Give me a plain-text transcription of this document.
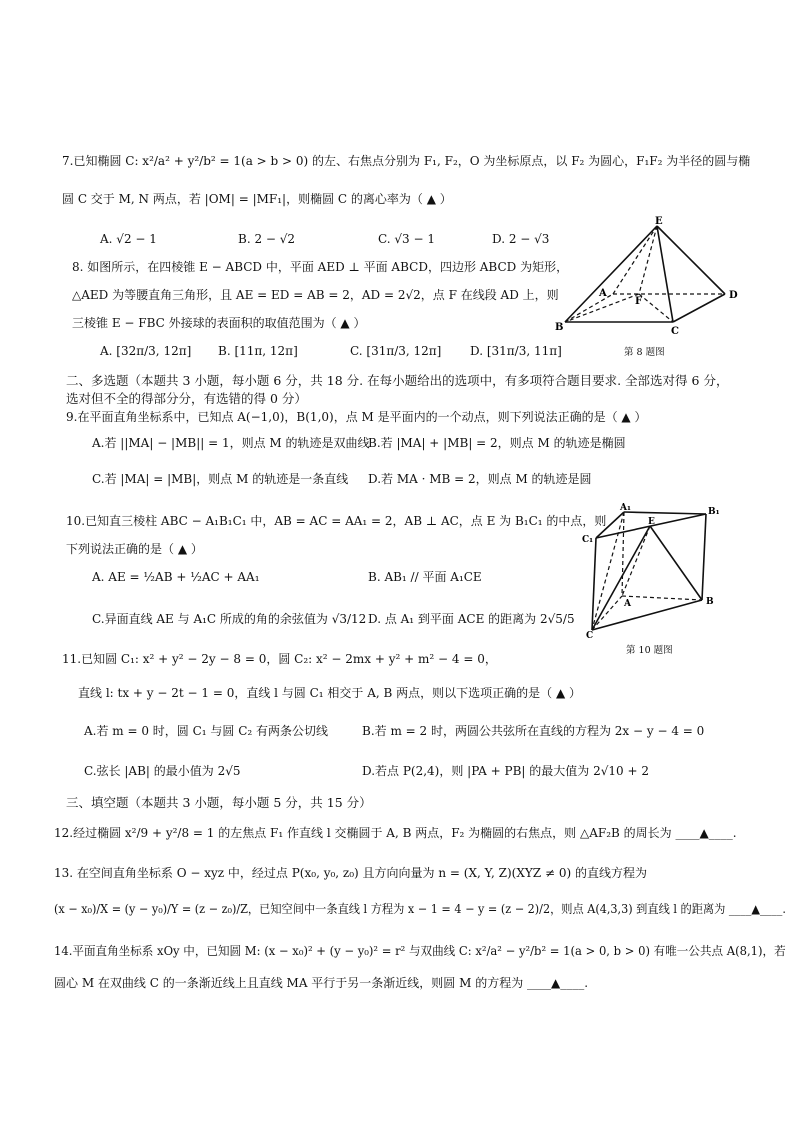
7.已知椭圆 C: x²/a² + y²/b² = 1(a > b > 0) 的左、右焦点分别为 F₁, F₂，O 为坐标原点，以 F₂ 为圆心，F₁F₂ 为半径的圆与椭
圆 C 交于 M, N 两点，若 |OM| = |MF₁|，则椭圆 C 的离心率为（ ▲ ）
A. √2 − 1	B. 2 − √2	C. √3 − 1	D. 2 − √3
8. 如图所示，在四棱锥 E − ABCD 中，平面 AED ⊥ 平面 ABCD，四边形 ABCD 为矩形，
△AED 为等腰直角三角形，且 AE = ED = AB = 2，AD = 2√2，点 F 在线段 AD 上，则
三棱锥 E − FBC 外接球的表面积的取值范围为（ ▲ ）
A. [32π/3, 12π] B. [11π, 12π]	C. [31π/3, 12π] D. [31π/3, 11π]
E
A
F
D
B	C
第 8 题图
二、多选题（本题共 3 小题，每小题 6 分，共 18 分. 在每小题给出的选项中，有多项符合题目要求. 全部选对得 6 分，
选对但不全的得部分分，有选错的得 0 分）
9.在平面直角坐标系中，已知点 A(−1,0)，B(1,0)，点 M 是平面内的一个动点，则下列说法正确的是（ ▲ ）
A.若 ||MA| − |MB|| = 1，则点 M 的轨迹是双曲线
B.若 |MA| + |MB| = 2，则点 M 的轨迹是椭圆
C.若 |MA| = |MB|，则点 M 的轨迹是一条直线 D.若 MA · MB = 2，则点 M 的轨迹是圆
10.已知直三棱柱 ABC − A₁B₁C₁ 中，AB = AC = AA₁ = 2，AB ⊥ AC，点 E 为 B₁C₁ 的中点，则
下列说法正确的是（ ▲ ）
A. AE = ½AB + ½AC + AA₁	B. AB₁ // 平面 A₁CE
C.异面直线 AE 与 A₁C 所成的角的余弦值为 √3/12 D. 点 A₁ 到平面 ACE 的距离为 2√5/5
A₁
E
B₁
C₁
A	B
C
第 10 题图
11.已知圆 C₁: x² + y² − 2y − 8 = 0，圆 C₂: x² − 2mx + y² + m² − 4 = 0，
直线 l: tx + y − 2t − 1 = 0，直线 l 与圆 C₁ 相交于 A, B 两点，则以下选项正确的是（ ▲ ）
A.若 m = 0 时，圆 C₁ 与圆 C₂ 有两条公切线	B.若 m = 2 时，两圆公共弦所在直线的方程为 2x − y − 4 = 0
C.弦长 |AB| 的最小值为 2√5	D.若点 P(2,4)，则 |PA + PB| 的最大值为 2√10 + 2
三、填空题（本题共 3 小题，每小题 5 分，共 15 分）
12.经过椭圆 x²/9 + y²/8 = 1 的左焦点 F₁ 作直线 l 交椭圆于 A, B 两点，F₂ 为椭圆的右焦点，则 △AF₂B 的周长为 ____▲____.
13. 在空间直角坐标系 O − xyz 中，经过点 P(x₀, y₀, z₀) 且方向向量为 n = (X, Y, Z)(XYZ ≠ 0) 的直线方程为
(x − x₀)/X = (y − y₀)/Y = (z − z₀)/Z，已知空间中一条直线 l 方程为 x − 1 = 4 − y = (z − 2)/2，则点 A(4,3,3) 到直线 l 的距离为 ____▲____.
14.平面直角坐标系 xOy 中，已知圆 M: (x − x₀)² + (y − y₀)² = r² 与双曲线 C: x²/a² − y²/b² = 1(a > 0, b > 0) 有唯一公共点 A(8,1)，若
圆心 M 在双曲线 C 的一条渐近线上且直线 MA 平行于另一条渐近线，则圆 M 的方程为 ____▲____.
